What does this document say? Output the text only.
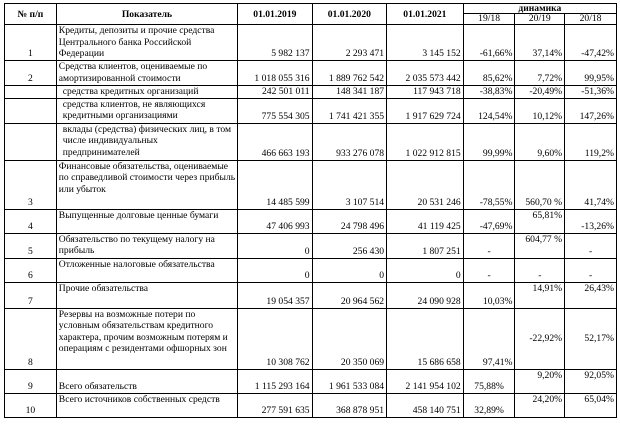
№ п/п	Показатель	01.01.2019	01.01.2020	01.01.2021	динамика		
					19/18	20/19	20/18
1	Кредиты, депозиты и прочие средства Центрального банка Российской Федерации	5 982 137	2 293 471	3 145 152	-61,66%	37,14%	-47,42%
2	Средства клиентов, оцениваемые по амортизированной стоимости	1 018 055 316	1 889 762 542	2 035 573 442	85,62%	7,72%	99,95%
	средства кредитных организаций	242 501 011	148 341 187	117 943 718	-38,83%	-20,49%	-51,36%
	средства клиентов, не являющихся кредитными организациями	775 554 305	1 741 421 355	1 917 629 724	124,54%	10,12%	147,26%
	вклады (средства) физических лиц, в том числе индивидуальных предпринимателей	466 663 193	933 276 078	1 022 912 815	99,99%	9,60%	119,2%
3	Финансовые обязательства, оцениваемые по справедливой стоимости через прибыль или убыток	14 485 599	3 107 514	20 531 246	-78,55%	560,70 %	41,74%
4	Выпущенные долговые ценные бумаги	47 406 993	24 798 496	41 119 425	-47,69%	65,81%	-13,26%
5	Обязательство по текущему налогу на прибыль	0	256 430	1 807 251	-	604,77 %	-
6	Отложенные налоговые обязательства	0	0	0	-	-	-
7	Прочие обязательства	19 054 357	20 964 562	24 090 928	10,03%	14,91%	26,43%
8	Резервы на возможные потери по условным обязательствам кредитного характера, прочим возможным потерям и операциям с резидентами офшорных зон	10 308 762	20 350 069	15 686 658	97,41%	-22,92%	52,17%
9	Всего обязательств	1 115 293 164	1 961 533 084	2 141 954 102	75,88%	9,20%	92,05%
10	Всего источников собственных средств	277 591 635	368 878 951	458 140 751	32,89%	24,20%	65,04%
